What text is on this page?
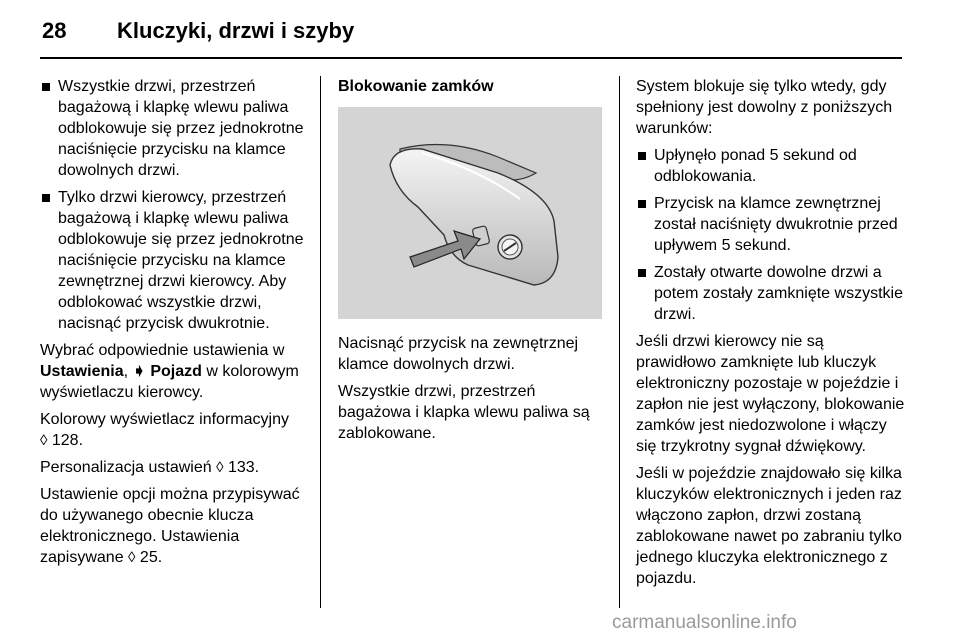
28 Kluczyki, drzwi i szyby
Wszystkie drzwi, przestrzeń bagażową i klapkę wlewu paliwa odblokowuje się przez jednokrotne naciśnięcie przycisku na klamce dowolnych drzwi.
Tylko drzwi kierowcy, przestrzeń bagażową i klapkę wlewu paliwa odblokowuje się przez jednokrotne naciśnięcie przycisku na klamce zewnętrznej drzwi kierowcy. Aby odblokować wszystkie drzwi, nacisnąć przycisk dwukrotnie.

Wybrać odpowiednie ustawienia w Ustawienia, ➧ Pojazd w kolorowym wyświetlaczu kierowcy.

Kolorowy wyświetlacz informacyjny
◊ 128.

Personalizacja ustawień ◊ 133.

Ustawienie opcji można przypisywać do używanego obecnie klucza elektronicznego. Ustawienia zapisywane ◊ 25.

Blokowanie zamków

Nacisnąć przycisk na zewnętrznej klamce dowolnych drzwi.

Wszystkie drzwi, przestrzeń bagażowa i klapka wlewu paliwa są zablokowane.

System blokuje się tylko wtedy, gdy spełniony jest dowolny z poniższych warunków:

Upłynęło ponad 5 sekund od odblokowania.
Przycisk na klamce zewnętrznej został naciśnięty dwukrotnie przed upływem 5 sekund.
Zostały otwarte dowolne drzwi a potem zostały zamknięte wszystkie drzwi.

Jeśli drzwi kierowcy nie są prawidłowo zamknięte lub kluczyk elektroniczny pozostaje w pojeździe i zapłon nie jest wyłączony, blokowanie zamków jest niedozwolone i włączy się trzykrotny sygnał dźwiękowy.

Jeśli w pojeździe znajdowało się kilka kluczyków elektronicznych i jeden raz włączono zapłon, drzwi zostaną zablokowane nawet po zabraniu tylko jednego kluczyka elektronicznego z pojazdu.

carmanualsonline.info
